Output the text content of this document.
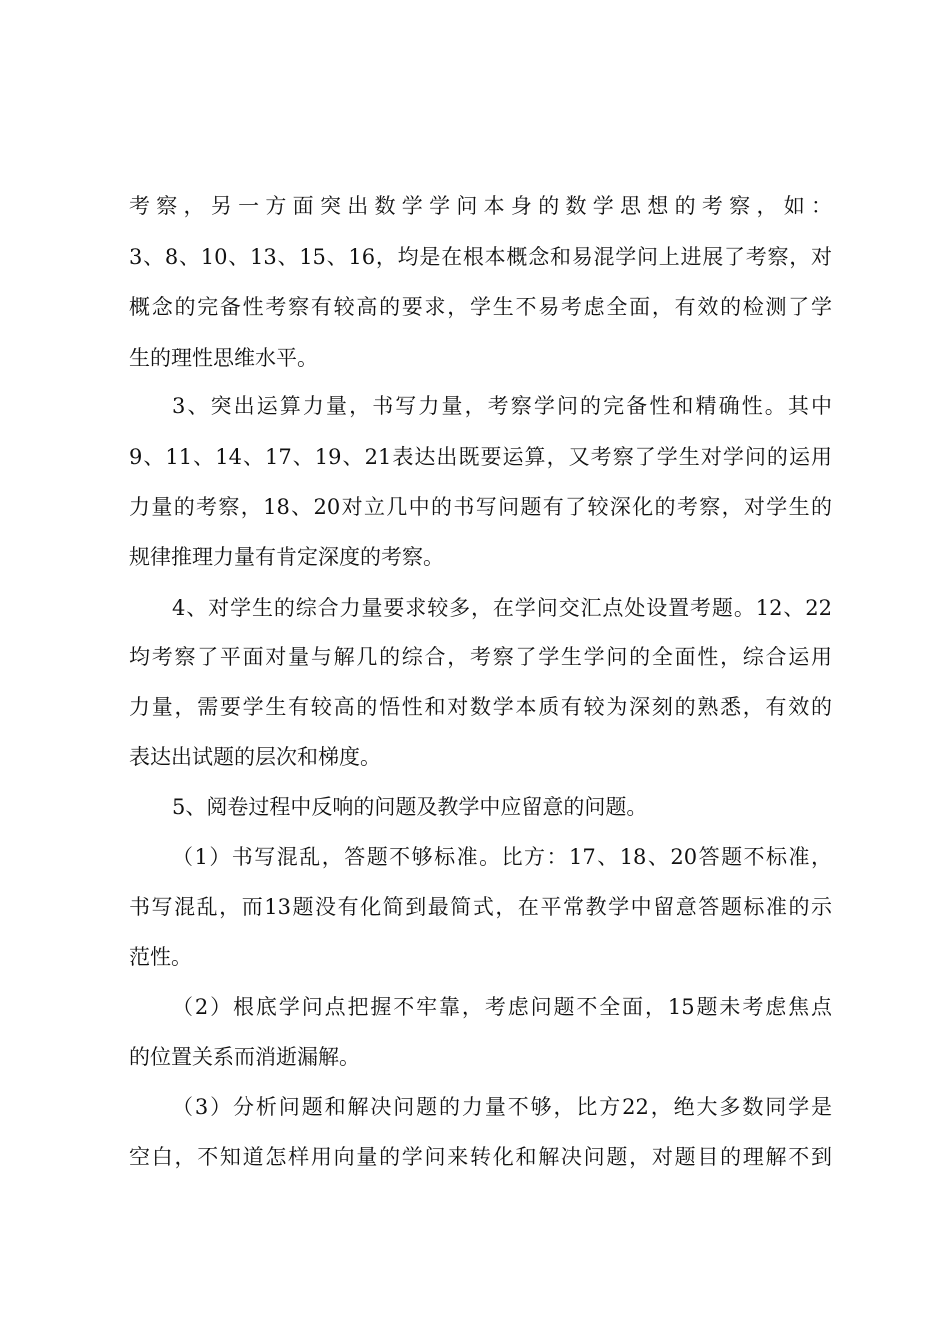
考察，另一方面突出数学学问本身的数学思想的考察，如：
3、8、10、13、15、16，均是在根本概念和易混学问上进展了考察，对
概念的完备性考察有较高的要求，学生不易考虑全面，有效的检测了学
生的理性思维水平。
3、突出运算力量，书写力量，考察学问的完备性和精确性。其中
9、11、14、17、19、21表达出既要运算，又考察了学生对学问的运用
力量的考察，18、20对立几中的书写问题有了较深化的考察，对学生的
规律推理力量有肯定深度的考察。
4、对学生的综合力量要求较多，在学问交汇点处设置考题。12、22
均考察了平面对量与解几的综合，考察了学生学问的全面性，综合运用
力量，需要学生有较高的悟性和对数学本质有较为深刻的熟悉，有效的
表达出试题的层次和梯度。
5、阅卷过程中反响的问题及教学中应留意的问题。
（1）书写混乱，答题不够标准。比方：17、18、20答题不标准，
书写混乱，而13题没有化简到最简式，在平常教学中留意答题标准的示
范性。
（2）根底学问点把握不牢靠，考虑问题不全面，15题未考虑焦点
的位置关系而消逝漏解。
（3）分析问题和解决问题的力量不够，比方22，绝大多数同学是
空白，不知道怎样用向量的学问来转化和解决问题，对题目的理解不到
